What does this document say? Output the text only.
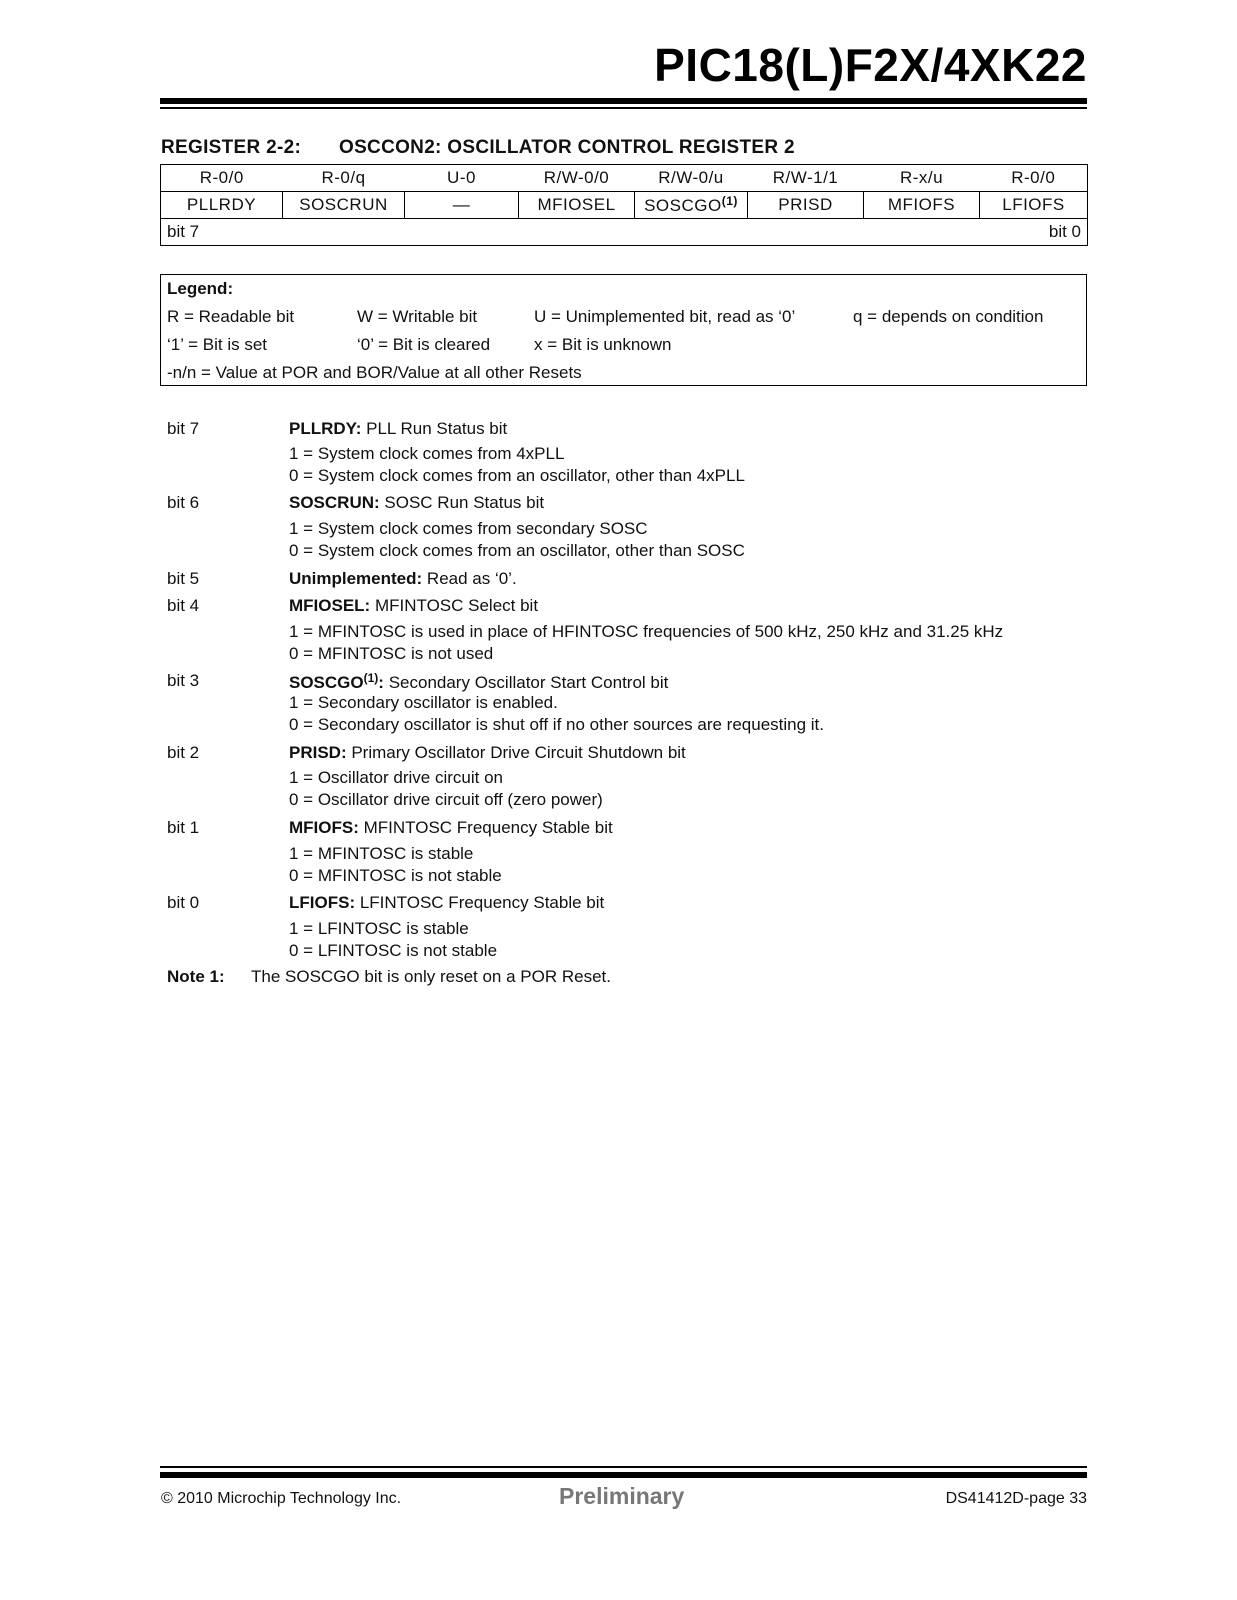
PIC18(L)F2X/4XK22
REGISTER 2-2: OSCCON2: OSCILLATOR CONTROL REGISTER 2
R-0/0	R-0/q	U-0	R/W-0/0	R/W-0/u	R/W-1/1	R-x/u	R-0/0
PLLRDY	SOSCRUN	—	MFIOSEL	SOSCGO$^{(1)}$	PRISD	MFIOFS	LFIOFS
bit 7 bit 0							
Legend:
R = Readable bit	W = Writable bit	U = Unimplemented bit, read as ‘0’	q = depends on condition
‘1’ = Bit is set	‘0’ = Bit is cleared	x = Bit is unknown
-n/n = Value at POR and BOR/Value at all other Resets
bit 7	PLLRDY: PLL Run Status bit
1 = System clock comes from 4xPLL
0 = System clock comes from an oscillator, other than 4xPLL
bit 6	SOSCRUN: SOSC Run Status bit
1 = System clock comes from secondary SOSC
0 = System clock comes from an oscillator, other than SOSC
bit 5	Unimplemented: Read as ‘0’.
bit 4	MFIOSEL: MFINTOSC Select bit
1 = MFINTOSC is used in place of HFINTOSC frequencies of 500 kHz, 250 kHz and 31.25 kHz
0 = MFINTOSC is not used
bit 3	SOSCGO$^{(1)}$: Secondary Oscillator Start Control bit
1 = Secondary oscillator is enabled.
0 = Secondary oscillator is shut off if no other sources are requesting it.
bit 2	PRISD: Primary Oscillator Drive Circuit Shutdown bit
1 = Oscillator drive circuit on
0 = Oscillator drive circuit off (zero power)
bit 1	MFIOFS: MFINTOSC Frequency Stable bit
1 = MFINTOSC is stable
0 = MFINTOSC is not stable
bit 0	LFIOFS: LFINTOSC Frequency Stable bit
1 = LFINTOSC is stable
0 = LFINTOSC is not stable
Note 1: The SOSCGO bit is only reset on a POR Reset.
© 2010 Microchip Technology Inc.	Preliminary	DS41412D-page 33
